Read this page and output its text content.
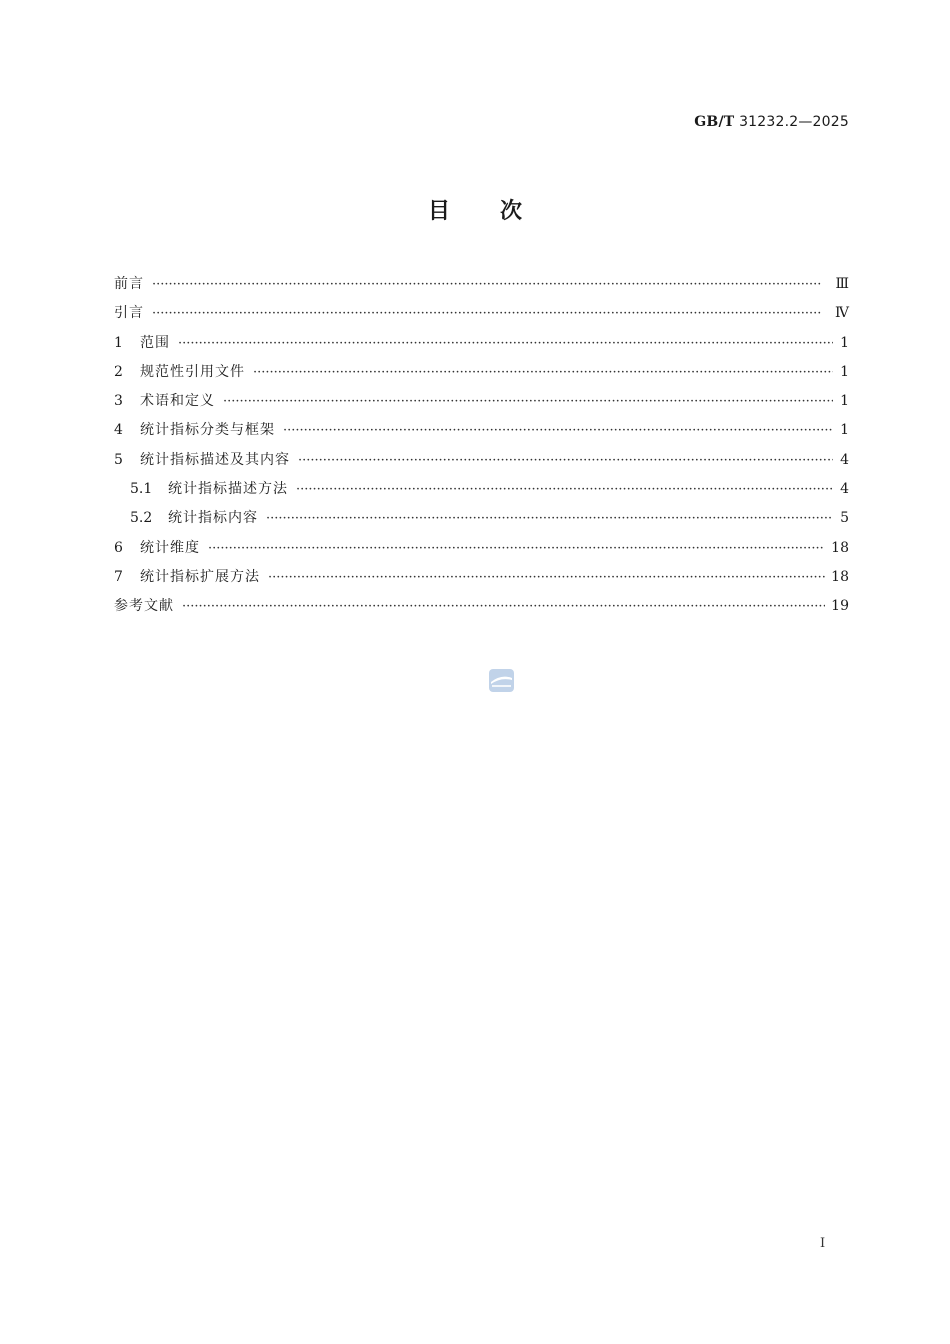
GB/T 31232.2—2025
目次
前言 ·····	Ⅲ
引言 ·····	Ⅳ
1	范围 ·····	1
2	规范性引用文件 ·····	1
3	术语和定义 ·····	1
4	统计指标分类与框架 ·····	1
5	统计指标描述及其内容 ·····	4
5.1	统计指标描述方法 ·····	4
5.2	统计指标内容 ·····	5
6	统计维度 ·····	18
7	统计指标扩展方法 ·····	18
参考文献 ·····	19
I
